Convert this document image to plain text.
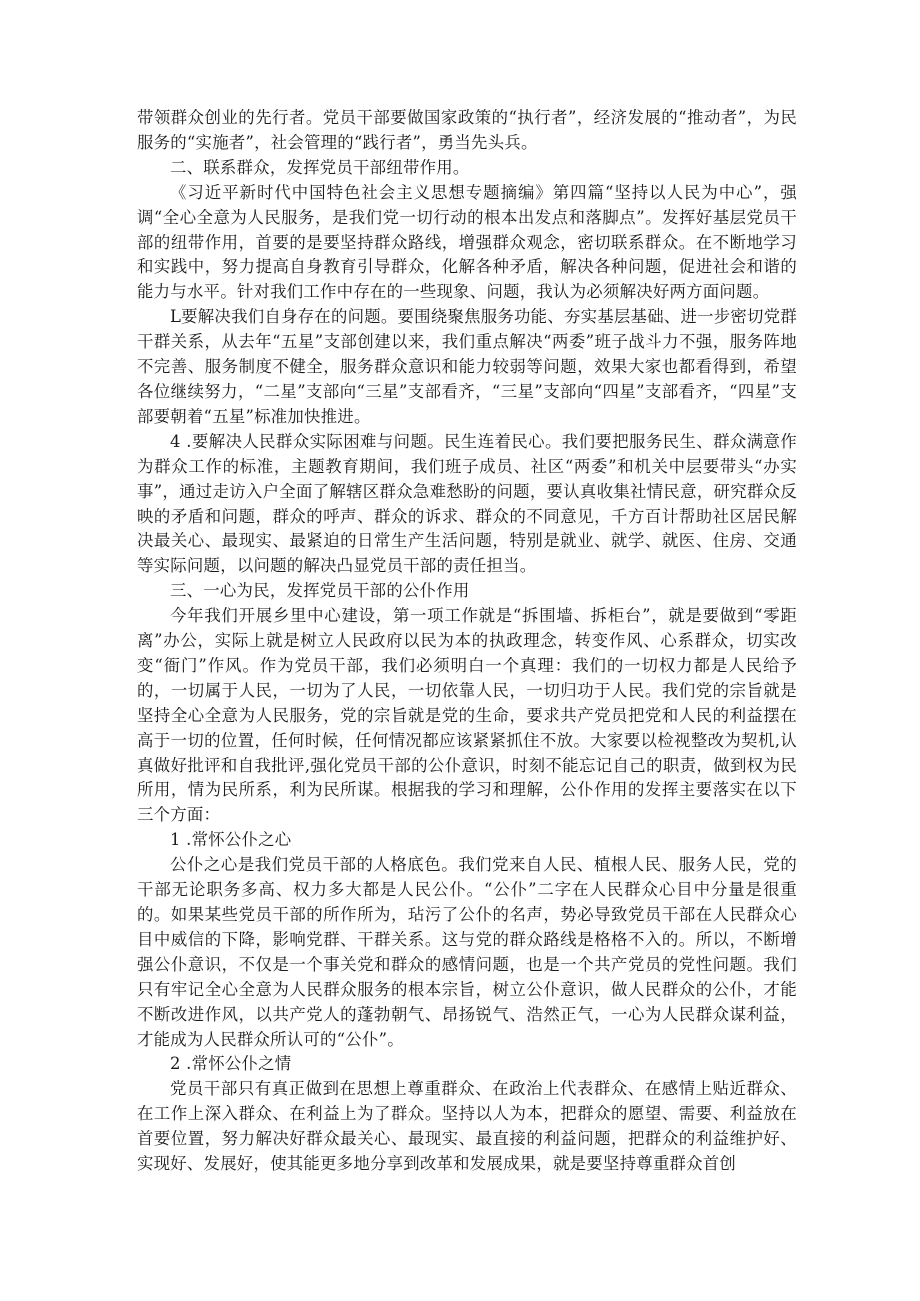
带领群众创业的先行者。党员干部要做国家政策的“执行者”，经济发展的“推动者”，为民服务的“实施者”，社会管理的“践行者”，勇当先头兵。

二、联系群众，发挥党员干部纽带作用。

《习近平新时代中国特色社会主义思想专题摘编》第四篇“坚持以人民为中心”，强调“全心全意为人民服务，是我们党一切行动的根本出发点和落脚点”。发挥好基层党员干部的纽带作用，首要的是要坚持群众路线，增强群众观念，密切联系群众。在不断地学习和实践中，努力提高自身教育引导群众，化解各种矛盾，解决各种问题，促进社会和谐的能力与水平。针对我们工作中存在的一些现象、问题，我认为必须解决好两方面问题。

L要解决我们自身存在的问题。要围绕聚焦服务功能、夯实基层基础、进一步密切党群干群关系，从去年“五星”支部创建以来，我们重点解决“两委”班子战斗力不强，服务阵地不完善、服务制度不健全，服务群众意识和能力较弱等问题，效果大家也都看得到，希望各位继续努力，“二星”支部向“三星”支部看齐，“三星”支部向“四星”支部看齐，“四星”支部要朝着“五星”标准加快推进。

4 .要解决人民群众实际困难与问题。民生连着民心。我们要把服务民生、群众满意作为群众工作的标准，主题教育期间，我们班子成员、社区“两委”和机关中层要带头“办实事”，通过走访入户全面了解辖区群众急难愁盼的问题，要认真收集社情民意，研究群众反映的矛盾和问题，群众的呼声、群众的诉求、群众的不同意见，千方百计帮助社区居民解决最关心、最现实、最紧迫的日常生产生活问题，特别是就业、就学、就医、住房、交通等实际问题，以问题的解决凸显党员干部的责任担当。

三、一心为民，发挥党员干部的公仆作用

今年我们开展乡里中心建设，第一项工作就是“拆围墙、拆柜台”，就是要做到“零距离”办公，实际上就是树立人民政府以民为本的执政理念，转变作风、心系群众，切实改变“衙门”作风。作为党员干部，我们必须明白一个真理：我们的一切权力都是人民给予的，一切属于人民，一切为了人民，一切依靠人民，一切归功于人民。我们党的宗旨就是坚持全心全意为人民服务，党的宗旨就是党的生命，要求共产党员把党和人民的利益摆在高于一切的位置，任何时候，任何情况都应该紧紧抓住不放。大家要以检视整改为契机,认真做好批评和自我批评,强化党员干部的公仆意识，时刻不能忘记自己的职责，做到权为民所用，情为民所系，利为民所谋。根据我的学习和理解，公仆作用的发挥主要落实在以下三个方面：

1 .常怀公仆之心

公仆之心是我们党员干部的人格底色。我们党来自人民、植根人民、服务人民，党的干部无论职务多高、权力多大都是人民公仆。“公仆”二字在人民群众心目中分量是很重的。如果某些党员干部的所作所为，玷污了公仆的名声，势必导致党员干部在人民群众心目中威信的下降，影响党群、干群关系。这与党的群众路线是格格不入的。所以，不断增强公仆意识，不仅是一个事关党和群众的感情问题，也是一个共产党员的党性问题。我们只有牢记全心全意为人民群众服务的根本宗旨，树立公仆意识，做人民群众的公仆，才能不断改进作风，以共产党人的蓬勃朝气、昂扬锐气、浩然正气，一心为人民群众谋利益，才能成为人民群众所认可的“公仆”。

2 .常怀公仆之情

党员干部只有真正做到在思想上尊重群众、在政治上代表群众、在感情上贴近群众、在工作上深入群众、在利益上为了群众。坚持以人为本，把群众的愿望、需要、利益放在首要位置，努力解决好群众最关心、最现实、最直接的利益问题，把群众的利益维护好、实现好、发展好，使其能更多地分享到改革和发展成果，就是要坚持尊重群众首创
